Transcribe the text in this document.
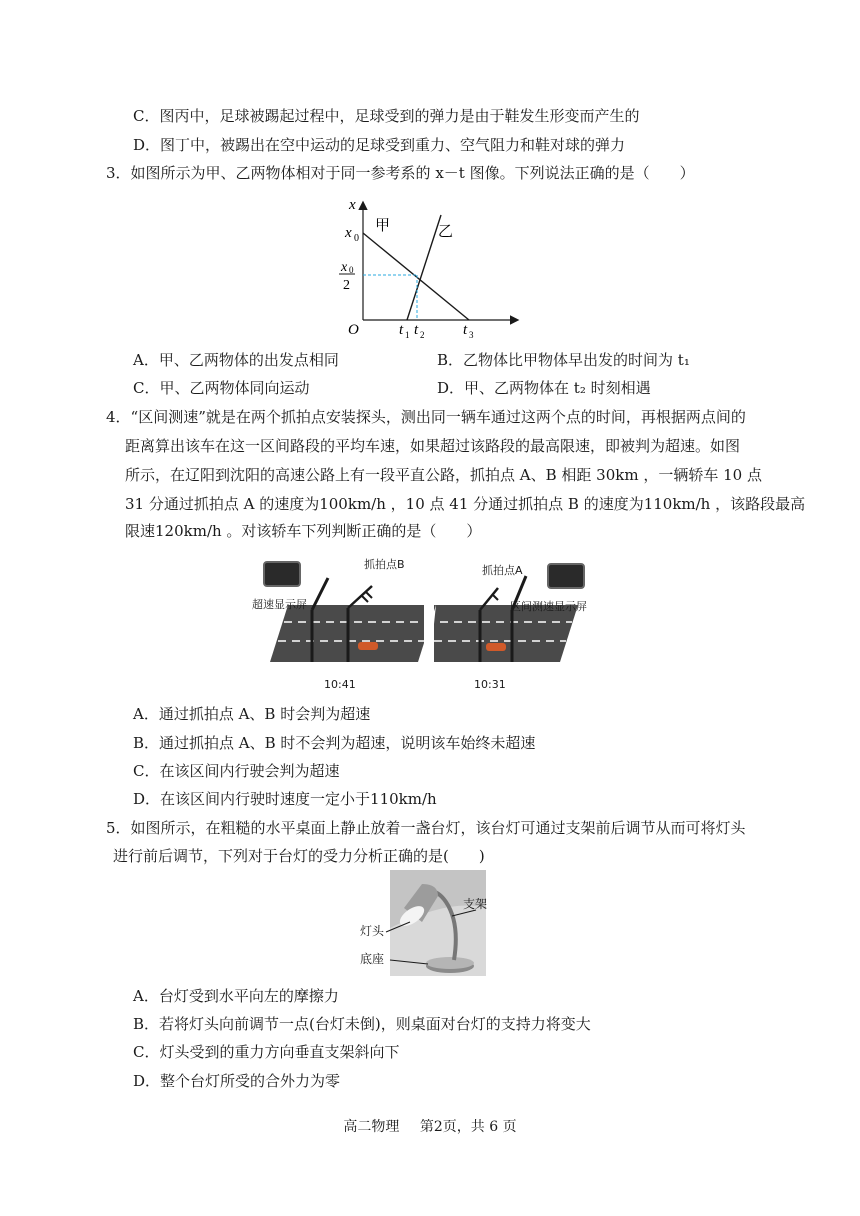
C．图丙中，足球被踢起过程中，足球受到的弹力是由于鞋发生形变而产生的
D．图丁中，被踢出在空中运动的足球受到重力、空气阻力和鞋对球的弹力
3．如图所示为甲、乙两物体相对于同一参考系的 x－t 图像。下列说法正确的是（　　）
x
x 0
x 0
2
O
甲	乙
t 1 t 2	t 3
A．甲、乙两物体的出发点相同	B．乙物体比甲物体早出发的时间为 t₁
C．甲、乙两物体同向运动	D．甲、乙两物体在 t₂ 时刻相遇
4．“区间测速”就是在两个抓拍点安装探头，测出同一辆车通过这两个点的时间，再根据两点间的
距离算出该车在这一区间路段的平均车速，如果超过该路段的最高限速，即被判为超速。如图
所示，在辽阳到沈阳的高速公路上有一段平直公路，抓拍点 A、B 相距 30km ，一辆轿车 10 点
31 分通过抓拍点 A 的速度为100km/h ，10 点 41 分通过抓拍点 B 的速度为110km/h ，该路段最高
限速120km/h 。对该轿车下列判断正确的是（　　）
抓拍点B	抓拍点A
超速显示屏	区间测速显示屏
10:41	10:31
A．通过抓拍点 A、B 时会判为超速
B．通过抓拍点 A、B 时不会判为超速，说明该车始终未超速
C．在该区间内行驶会判为超速
D．在该区间内行驶时速度一定小于110km/h
5．如图所示，在粗糙的水平桌面上静止放着一盏台灯，该台灯可通过支架前后调节从而可将灯头
进行前后调节，下列对于台灯的受力分析正确的是(　　)
灯头
支架
底座
A．台灯受到水平向左的摩擦力
B．若将灯头向前调节一点(台灯未倒)，则桌面对台灯的支持力将变大
C．灯头受到的重力方向垂直支架斜向下
D．整个台灯所受的合外力为零
高二物理 第2页，共 6 页
